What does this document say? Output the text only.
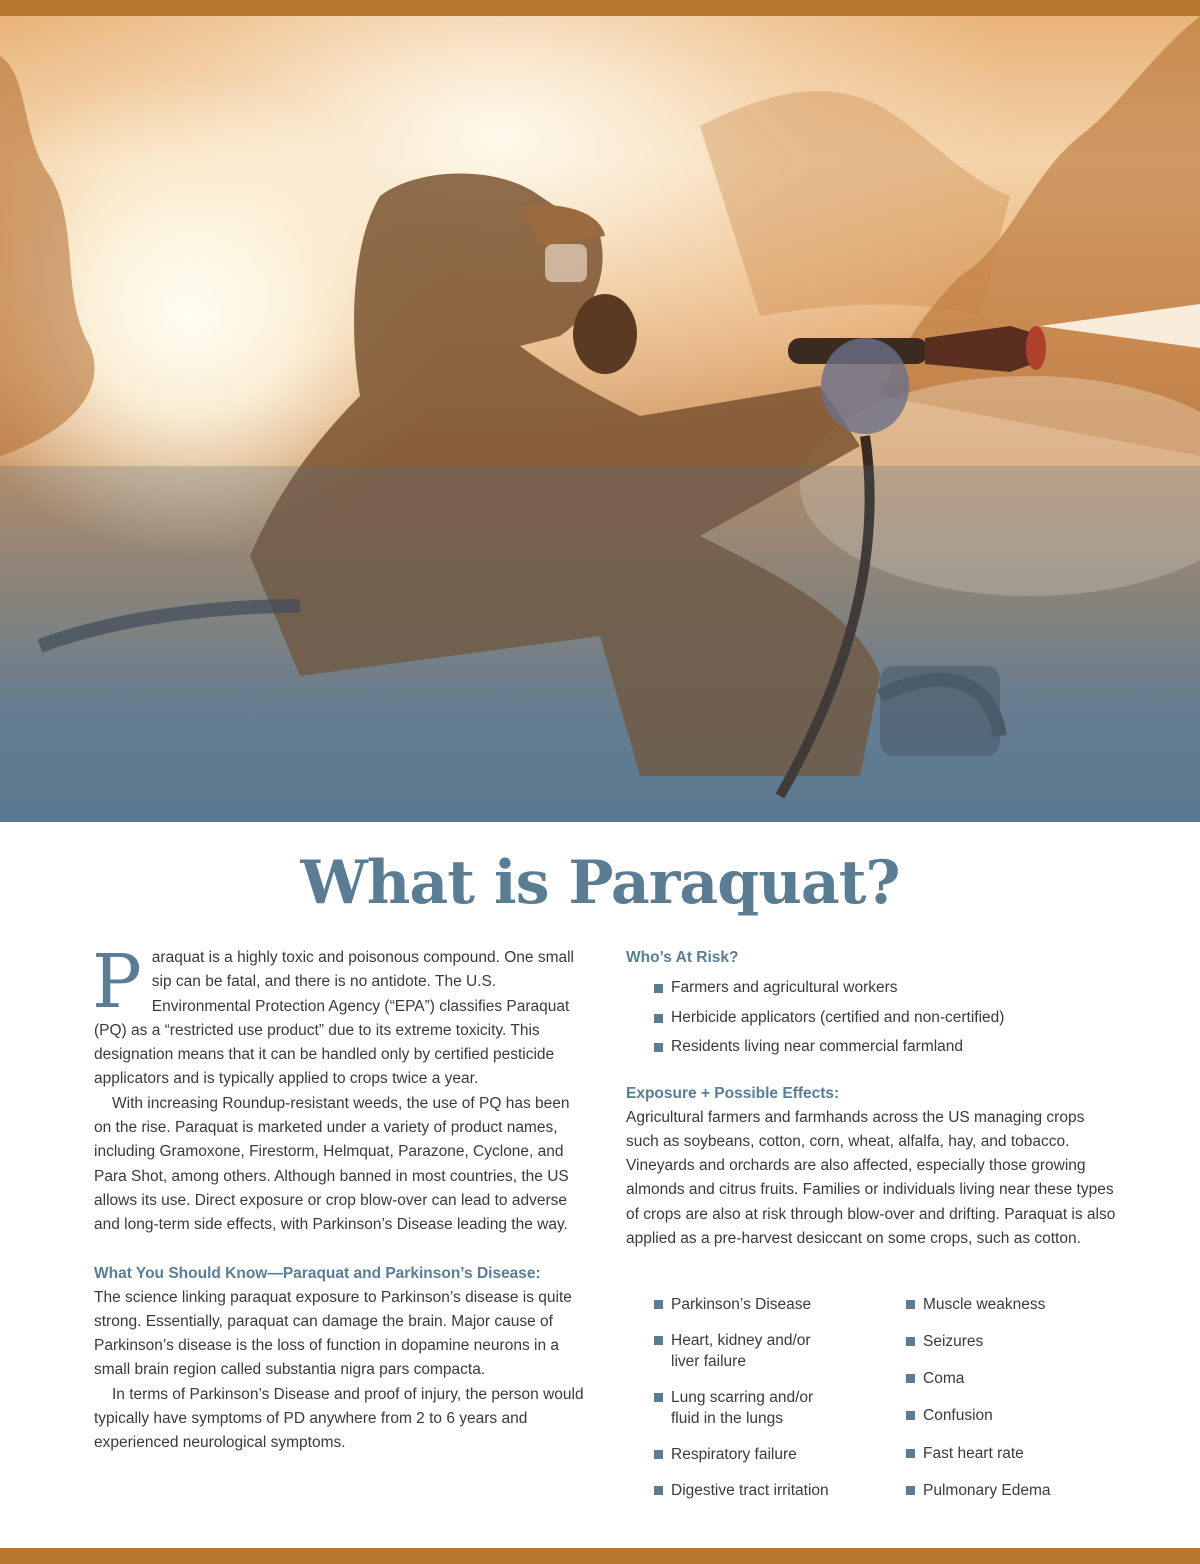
What is Paraquat?

Paraquat is a highly toxic and poisonous compound. One small sip can be fatal, and there is no antidote. The U.S. Environmental Protection Agency (“EPA”) classifies Paraquat (PQ) as a “restricted use product” due to its extreme toxicity. This designation means that it can be handled only by certified pesticide applicators and is typically applied to crops twice a year.

With increasing Roundup-resistant weeds, the use of PQ has been on the rise. Paraquat is marketed under a variety of product names, including Gramoxone, Firestorm, Helmquat, Parazone, Cyclone, and Para Shot, among others. Although banned in most countries, the US allows its use. Direct exposure or crop blow-over can lead to adverse and long-term side effects, with Parkinson’s Disease leading the way.

What You Should Know—Paraquat and Parkinson’s Disease:

The science linking paraquat exposure to Parkinson’s disease is quite strong. Essentially, paraquat can damage the brain. Major cause of Parkinson’s disease is the loss of function in dopamine neurons in a small brain region called substantia nigra pars compacta.

In terms of Parkinson’s Disease and proof of injury, the person would typically have symptoms of PD anywhere from 2 to 6 years and experienced neurological symptoms.

Who’s At Risk?
Farmers and agricultural workers
Herbicide applicators (certified and non-certified)
Residents living near commercial farmland
Exposure + Possible Effects:

Agricultural farmers and farmhands across the US managing crops such as soybeans, cotton, corn, wheat, alfalfa, hay, and tobacco. Vineyards and orchards are also affected, especially those growing almonds and citrus fruits. Families or individuals living near these types of crops are also at risk through blow-over and drifting. Paraquat is also applied as a pre-harvest desiccant on some crops, such as cotton.

Parkinson’s Disease
Heart, kidney and/or liver failure
Lung scarring and/or fluid in the lungs
Respiratory failure
Digestive tract irritation
Muscle weakness
Seizures
Coma
Confusion
Fast heart rate
Pulmonary Edema
